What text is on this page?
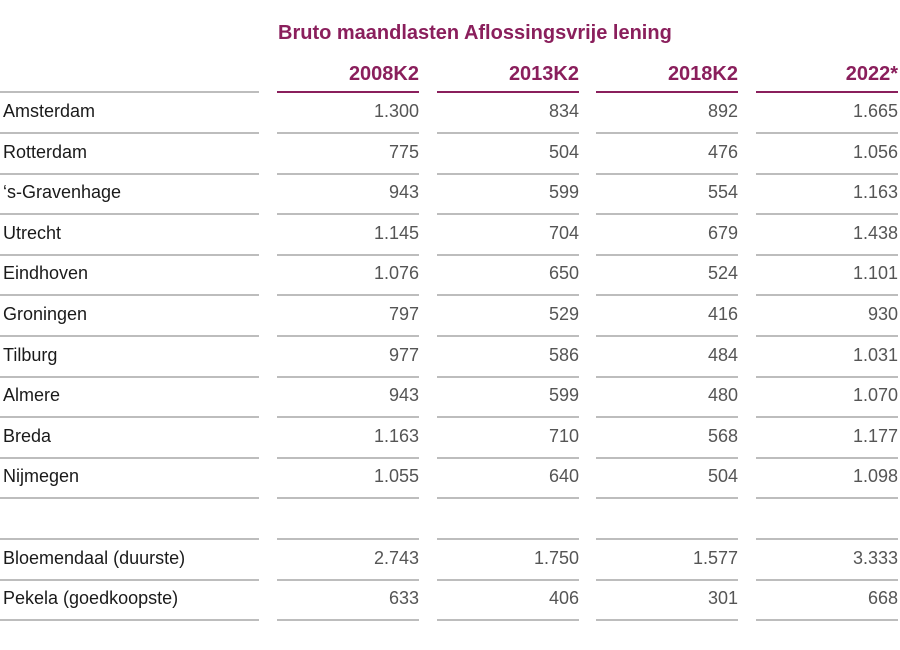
Bruto maandlasten Aflossingsvrije lening
2008K2	2013K2	2018K2	2022*
Amsterdam	1.300	834	892	1.665
Rotterdam	775	504	476	1.056
‘s-Gravenhage	943	599	554	1.163
Utrecht	1.145	704	679	1.438
Eindhoven	1.076	650	524	1.101
Groningen	797	529	416	930
Tilburg	977	586	484	1.031
Almere	943	599	480	1.070
Breda	1.163	710	568	1.177
Nijmegen	1.055	640	504	1.098
Bloemendaal (duurste)	2.743	1.750	1.577	3.333
Pekela (goedkoopste)	633	406	301	668
